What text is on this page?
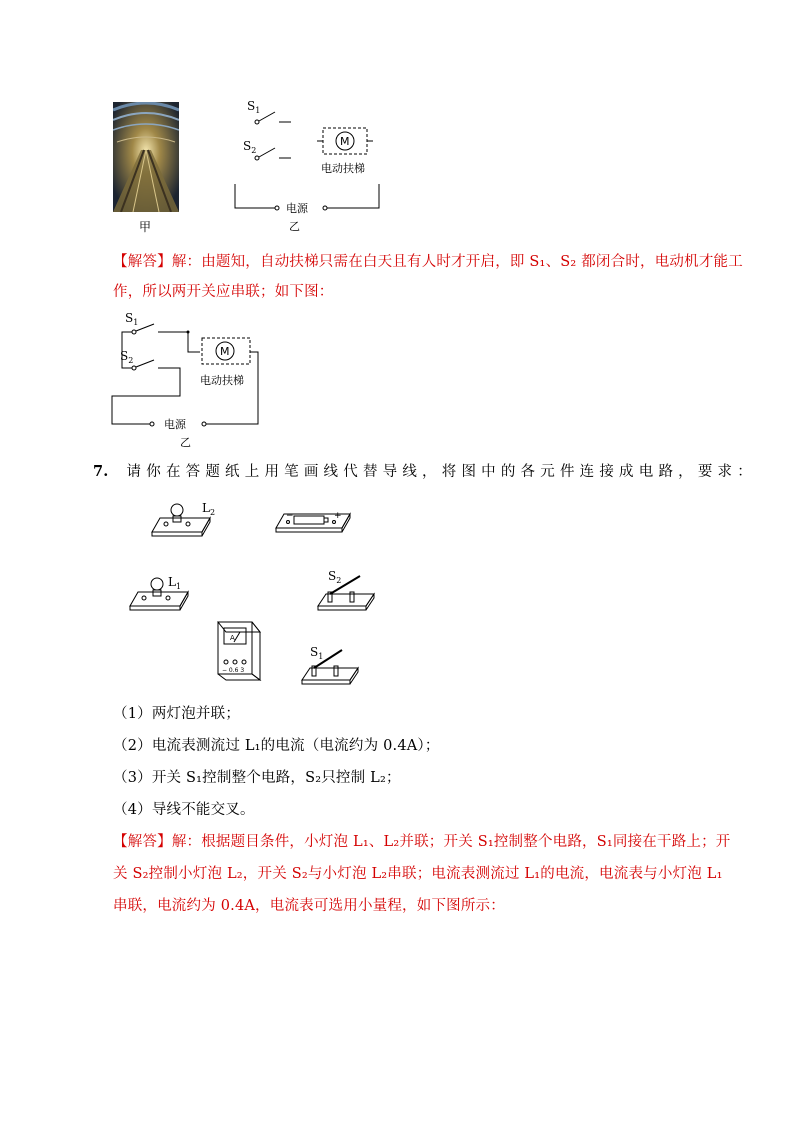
甲
$S_1$
$S_2$
M
电动扶梯
电源
乙
【解答】解：由题知，自动扶梯只需在白天且有人时才开启，即 S₁、S₂ 都闭合时，电动机才能工
作，所以两开关应串联；如下图：
$S_1$
$S_2$
M
电动扶梯
电源
乙
7. 请你在答题纸上用笔画线代替导线，将图中的各元件连接成电路，要求：
$L_2$	−	+
$L_1$
$S_2$
A
− 0.6 3
$S_1$
（1）两灯泡并联；
（2）电流表测流过 L₁的电流（电流约为 0.4A）；
（3）开关 S₁控制整个电路，S₂只控制 L₂；
（4）导线不能交叉。
【解答】解：根据题目条件，小灯泡 L₁、L₂并联；开关 S₁控制整个电路，S₁同接在干路上；开
关 S₂控制小灯泡 L₂，开关 S₂与小灯泡 L₂串联；电流表测流过 L₁的电流，电流表与小灯泡 L₁
串联，电流约为 0.4A，电流表可选用小量程，如下图所示：
